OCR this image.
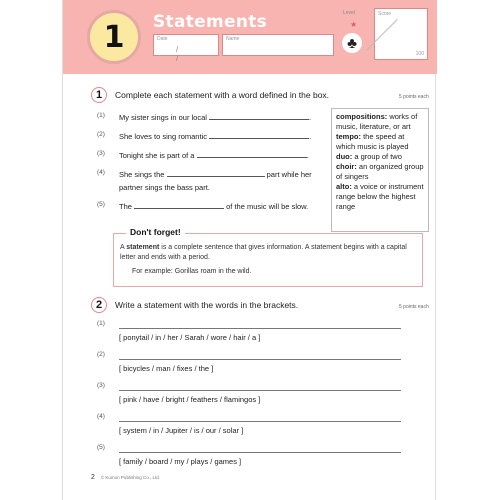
1	Statements
Date
/ /
Name
Level
★
♣
Score
100
1	Complete each statement with a word defined in the box.	5 points each
(1) My sister sings in our local	.
(2) She loves to sing romantic	.
(3) Tonight she is part of a	.
(4) She sings the	part while her
partner sings the bass part.
(5) The	of the music will be slow.
compositions: works of music, literature, or art
tempo: the speed at which music is played
duo: a group of two
choir: an organized group of singers
alto: a voice or instrument range below the highest range
Don't forget!
A statement is a complete sentence that gives information. A statement begins with a capital letter and ends with a period.
For example: Gorillas roam in the wild.
2	Write a statement with the words in the brackets.	5 points each
(1)
[ ponytail / in / her / Sarah / wore / hair / a ]
(2)
[ bicycles / man / fixes / the ]
(3)
[ pink / have / bright / feathers / flamingos ]
(4)
[ system / in / Jupiter / is / our / solar ]
(5)
[ family / board / my / plays / games ]
2 © Kumon Publishing Co., Ltd.
